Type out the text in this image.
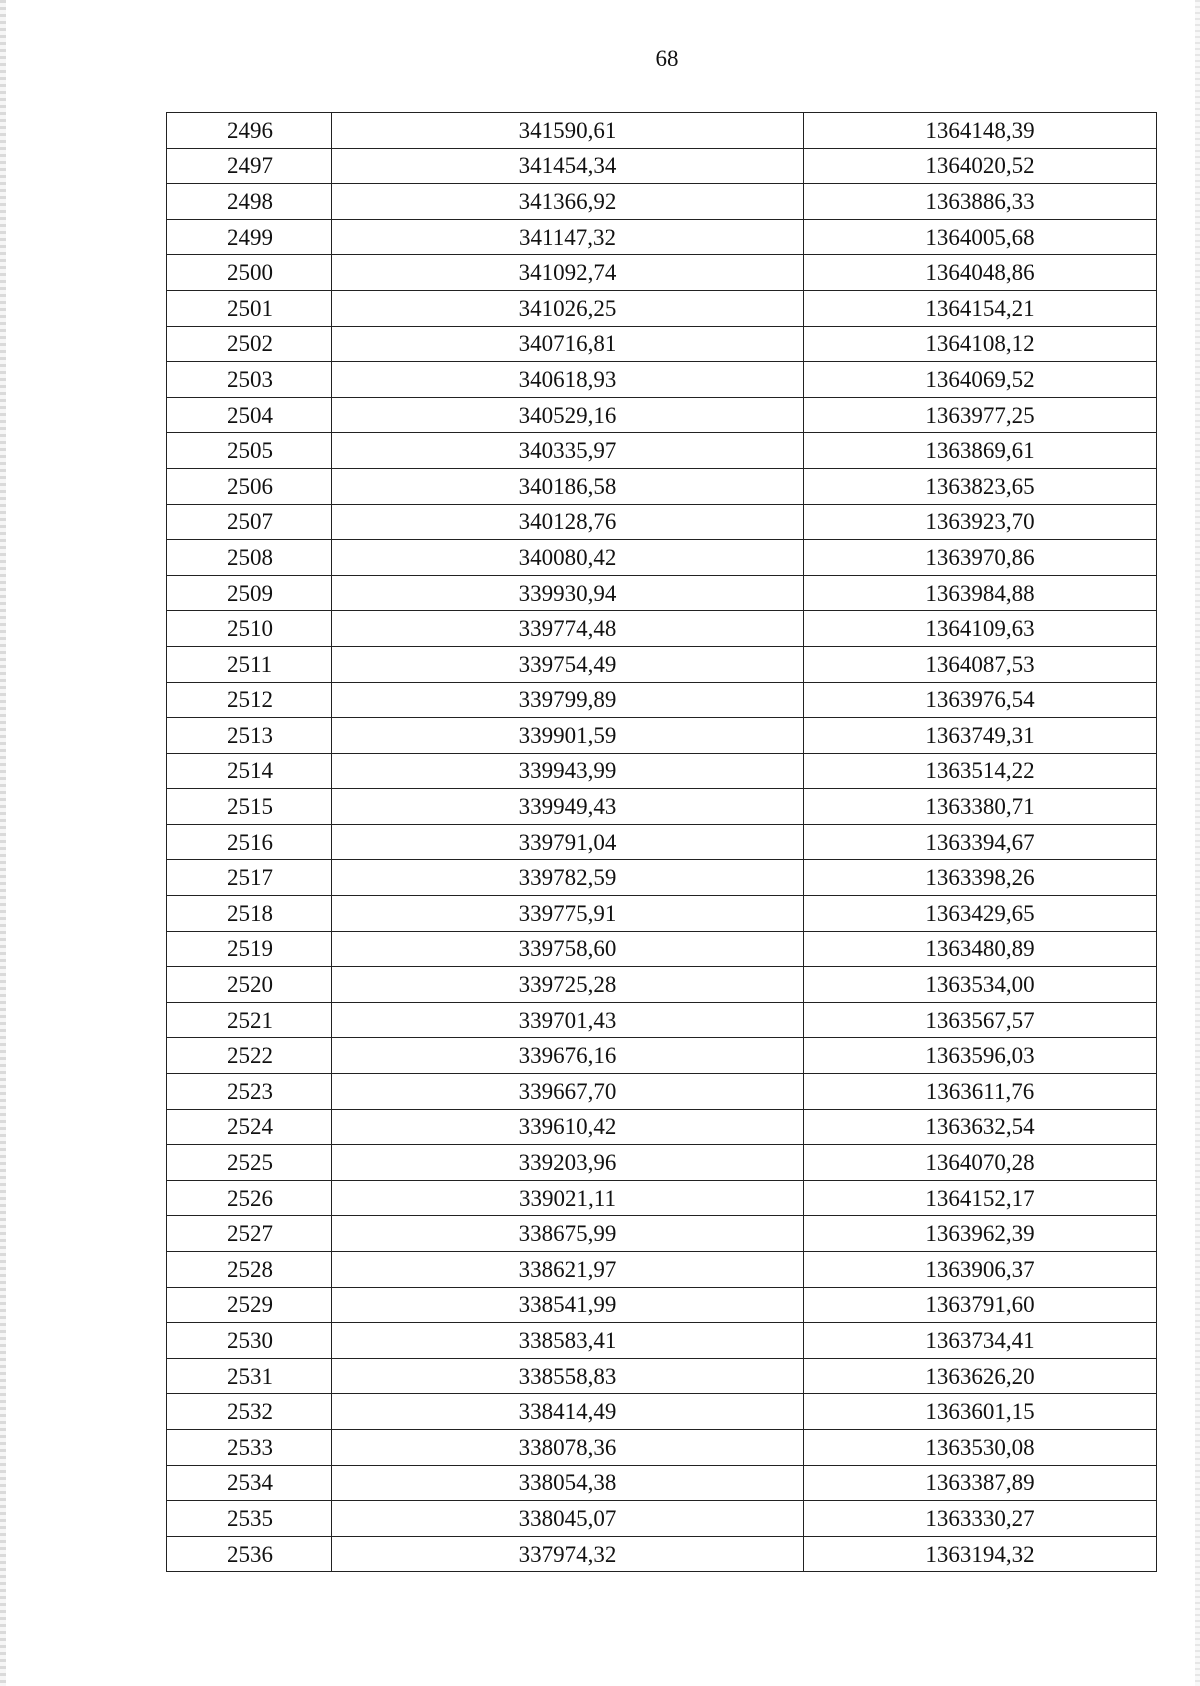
68
2496	341590,61	1364148,39
2497	341454,34	1364020,52
2498	341366,92	1363886,33
2499	341147,32	1364005,68
2500	341092,74	1364048,86
2501	341026,25	1364154,21
2502	340716,81	1364108,12
2503	340618,93	1364069,52
2504	340529,16	1363977,25
2505	340335,97	1363869,61
2506	340186,58	1363823,65
2507	340128,76	1363923,70
2508	340080,42	1363970,86
2509	339930,94	1363984,88
2510	339774,48	1364109,63
2511	339754,49	1364087,53
2512	339799,89	1363976,54
2513	339901,59	1363749,31
2514	339943,99	1363514,22
2515	339949,43	1363380,71
2516	339791,04	1363394,67
2517	339782,59	1363398,26
2518	339775,91	1363429,65
2519	339758,60	1363480,89
2520	339725,28	1363534,00
2521	339701,43	1363567,57
2522	339676,16	1363596,03
2523	339667,70	1363611,76
2524	339610,42	1363632,54
2525	339203,96	1364070,28
2526	339021,11	1364152,17
2527	338675,99	1363962,39
2528	338621,97	1363906,37
2529	338541,99	1363791,60
2530	338583,41	1363734,41
2531	338558,83	1363626,20
2532	338414,49	1363601,15
2533	338078,36	1363530,08
2534	338054,38	1363387,89
2535	338045,07	1363330,27
2536	337974,32	1363194,32
